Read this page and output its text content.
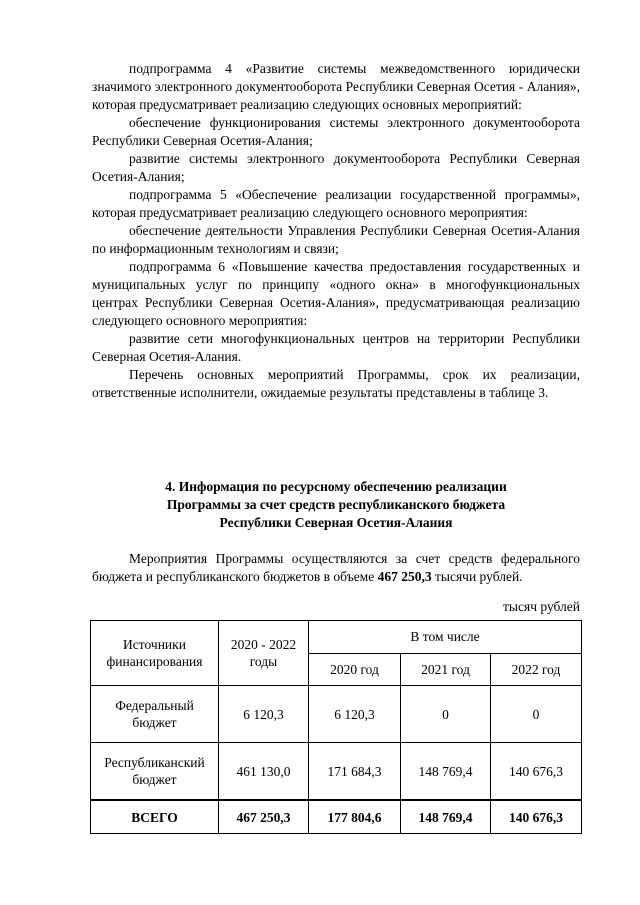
подпрограмма 4 «Развитие системы межведомственного юридически значимого электронного документооборота Республики Северная Осетия - Алания», которая предусматривает реализацию следующих основных мероприятий:

обеспечение функционирования системы электронного документооборота Республики Северная Осетия-Алания;

развитие системы электронного документооборота Республики Северная Осетия-Алания;

подпрограмма 5 «Обеспечение реализации государственной программы», которая предусматривает реализацию следующего основного мероприятия:

обеспечение деятельности Управления Республики Северная Осетия-Алания по информационным технологиям и связи;

подпрограмма 6 «Повышение качества предоставления государственных и муниципальных услуг по принципу «одного окна» в многофункциональных центрах Республики Северная Осетия-Алания», предусматривающая реализацию следующего основного мероприятия:

развитие сети многофункциональных центров на территории Республики Северная Осетия-Алания.

Перечень основных мероприятий Программы, срок их реализации, ответственные исполнители, ожидаемые результаты представлены в таблице 3.

4. Информация по ресурсному обеспечению реализации
Программы за счет средств республиканского бюджета
Республики Северная Осетия-Алания

Мероприятия Программы осуществляются за счет средств федерального бюджета и республиканского бюджетов в объеме 467 250,3 тысячи рублей.

тысяч рублей
Источники финансирования	2020 - 2022 годы	В том числе		
		2020 год	2021 год	2022 год
Федеральный бюджет	6 120,3	6 120,3	0	0
Республиканский бюджет	461 130,0	171 684,3	148 769,4	140 676,3
ВСЕГО	467 250,3	177 804,6	148 769,4	140 676,3
